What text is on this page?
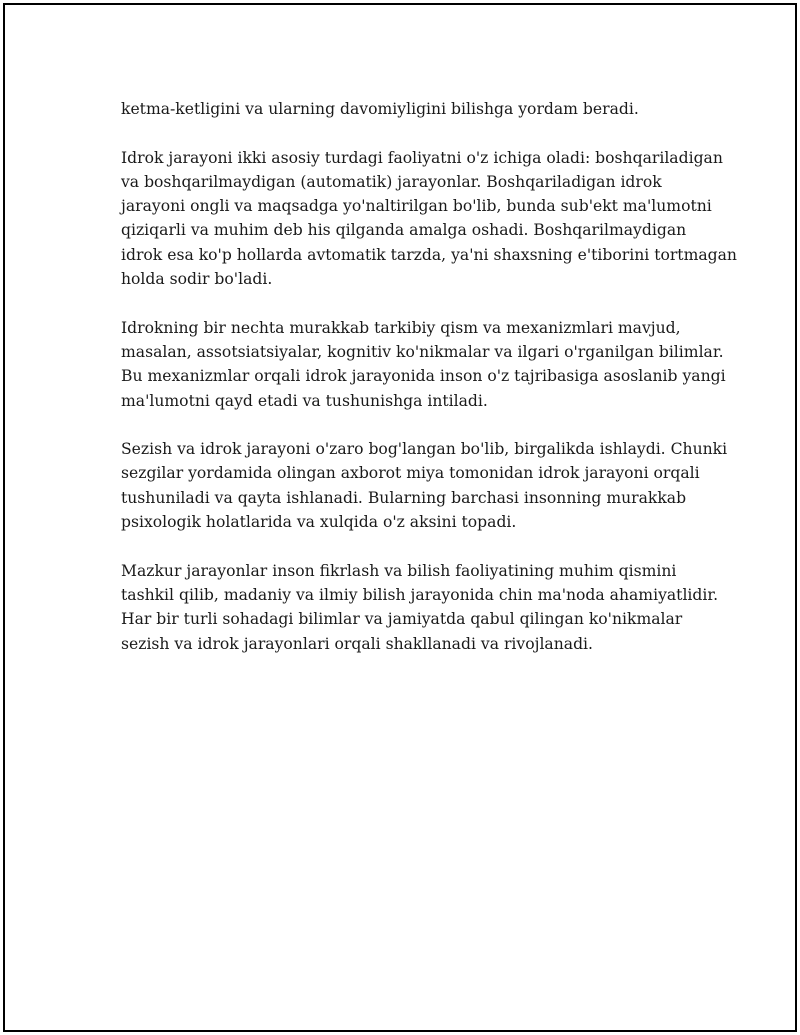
ketma-ketligini va ularning davomiyligini bilishga yordam beradi.

Idrok jarayoni ikki asosiy turdagi faoliyatni o'z ichiga oladi: boshqariladigan
va boshqarilmaydigan (automatik) jarayonlar. Boshqariladigan idrok
jarayoni ongli va maqsadga yo'naltirilgan bo'lib, bunda sub'ekt ma'lumotni
qiziqarli va muhim deb his qilganda amalga oshadi. Boshqarilmaydigan
idrok esa ko'p hollarda avtomatik tarzda, ya'ni shaxsning e'tiborini tortmagan
holda sodir bo'ladi.

Idrokning bir nechta murakkab tarkibiy qism va mexanizmlari mavjud,
masalan, assotsiatsiyalar, kognitiv ko'nikmalar va ilgari o'rganilgan bilimlar.
Bu mexanizmlar orqali idrok jarayonida inson o'z tajribasiga asoslanib yangi
ma'lumotni qayd etadi va tushunishga intiladi.

Sezish va idrok jarayoni o'zaro bog'langan bo'lib, birgalikda ishlaydi. Chunki
sezgilar yordamida olingan axborot miya tomonidan idrok jarayoni orqali
tushuniladi va qayta ishlanadi. Bularning barchasi insonning murakkab
psixologik holatlarida va xulqida o'z aksini topadi.

Mazkur jarayonlar inson fikrlash va bilish faoliyatining muhim qismini
tashkil qilib, madaniy va ilmiy bilish jarayonida chin ma'noda ahamiyatlidir.
Har bir turli sohadagi bilimlar va jamiyatda qabul qilingan ko'nikmalar
sezish va idrok jarayonlari orqali shakllanadi va rivojlanadi.
